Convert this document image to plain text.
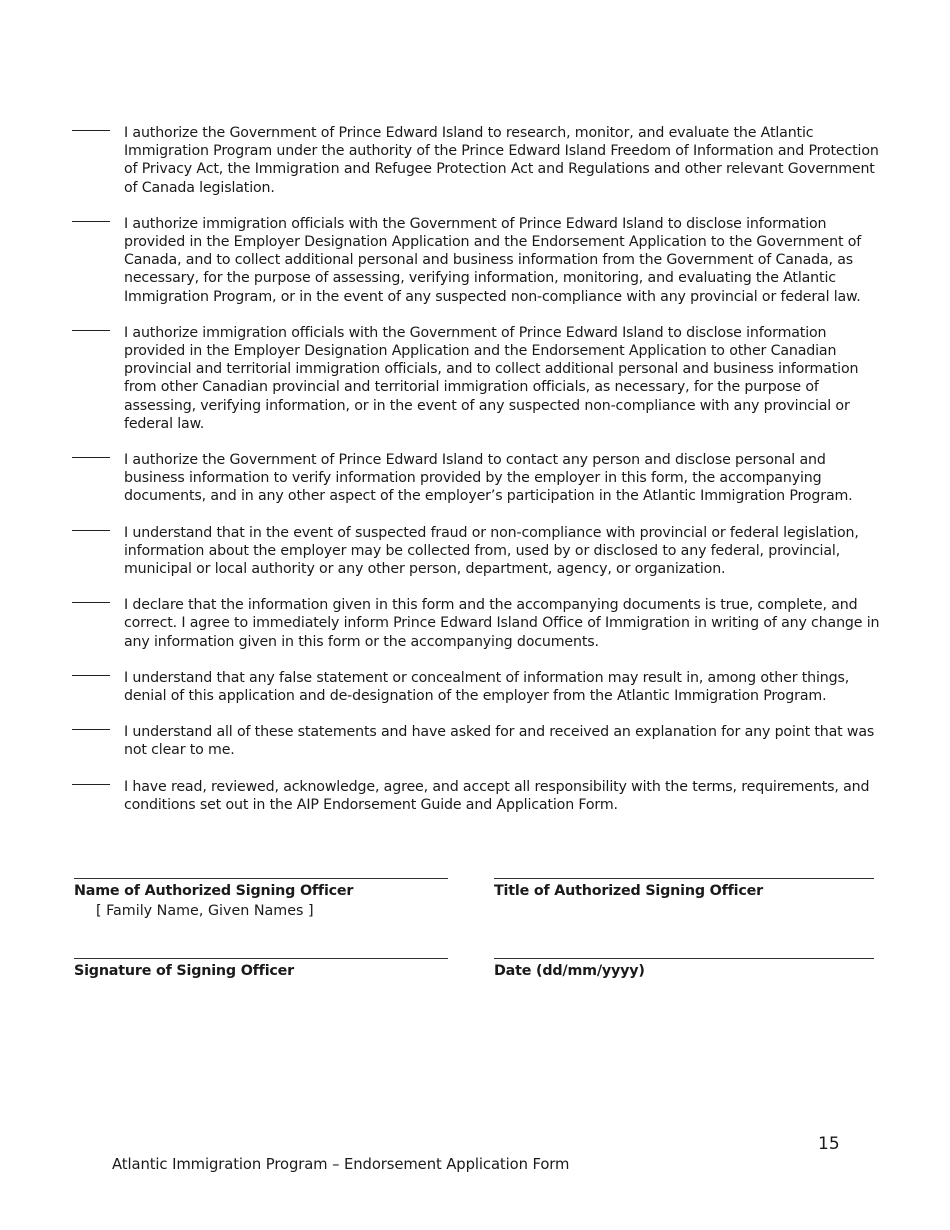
I authorize the Government of Prince Edward Island to research, monitor, and evaluate the Atlantic Immigration Program under the authority of the Prince Edward Island Freedom of Information and Protection of Privacy Act, the Immigration and Refugee Protection Act and Regulations and other relevant Government of Canada legislation.
I authorize immigration officials with the Government of Prince Edward Island to disclose information provided in the Employer Designation Application and the Endorsement Application to the Government of Canada, and to collect additional personal and business information from the Government of Canada, as necessary, for the purpose of assessing, verifying information, monitoring, and evaluating the Atlantic Immigration Program, or in the event of any suspected non-compliance with any provincial or federal law.
I authorize immigration officials with the Government of Prince Edward Island to disclose information provided in the Employer Designation Application and the Endorsement Application to other Canadian provincial and territorial immigration officials, and to collect additional personal and business information from other Canadian provincial and territorial immigration officials, as necessary, for the purpose of assessing, verifying information, or in the event of any suspected non-compliance with any provincial or federal law.
I authorize the Government of Prince Edward Island to contact any person and disclose personal and business information to verify information provided by the employer in this form, the accompanying documents, and in any other aspect of the employer’s participation in the Atlantic Immigration Program.
I understand that in the event of suspected fraud or non-compliance with provincial or federal legislation, information about the employer may be collected from, used by or disclosed to any federal, provincial, municipal or local authority or any other person, department, agency, or organization.
I declare that the information given in this form and the accompanying documents is true, complete, and correct. I agree to immediately inform Prince Edward Island Office of Immigration in writing of any change in any information given in this form or the accompanying documents.
I understand that any false statement or concealment of information may result in, among other things, denial of this application and de-designation of the employer from the Atlantic Immigration Program.
I understand all of these statements and have asked for and received an explanation for any point that was not clear to me.
I have read, reviewed, acknowledge, agree, and accept all responsibility with the terms, requirements, and conditions set out in the AIP Endorsement Guide and Application Form.
Name of Authorized Signing Officer
[ Family Name, Given Names ]
Title of Authorized Signing Officer
Signature of Signing Officer	Date (dd/mm/yyyy)
15
Atlantic Immigration Program – Endorsement Application Form
